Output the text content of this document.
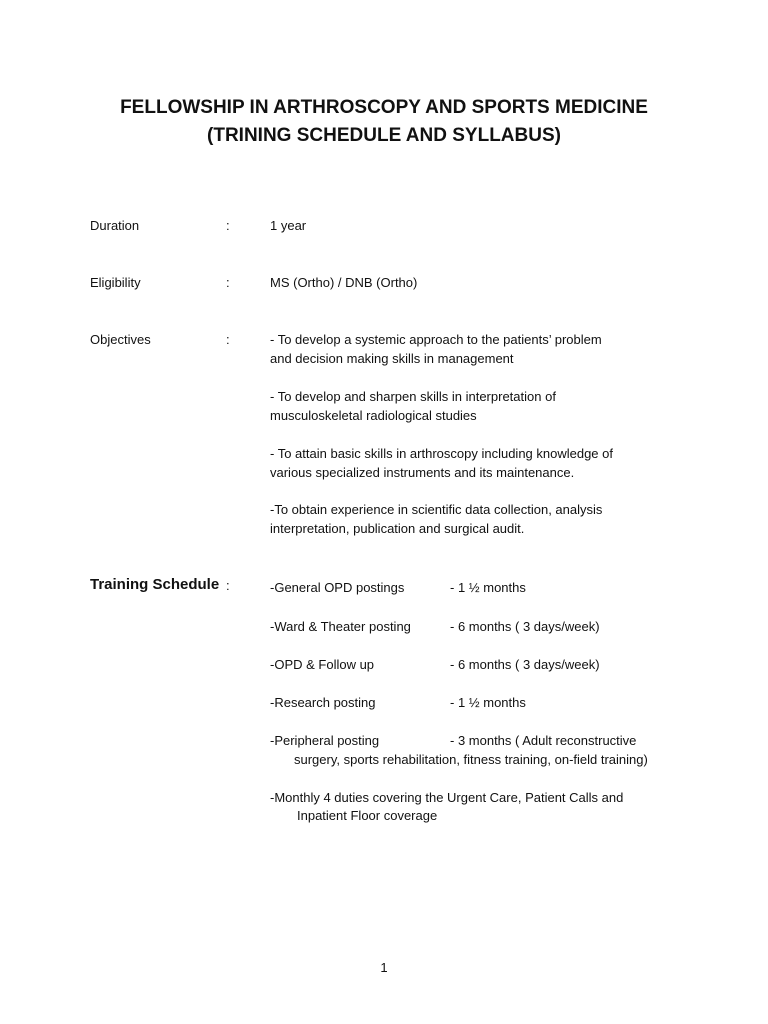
FELLOWSHIP IN ARTHROSCOPY AND SPORTS MEDICINE
(TRINING SCHEDULE AND SYLLABUS)
Duration	:	1 year
Eligibility	:	MS (Ortho) / DNB (Ortho)
Objectives	:	- To develop a systemic approach to the patients’ problem

and decision making skills in management

- To develop and sharpen skills in interpretation of

musculoskeletal radiological studies

- To attain basic skills in arthroscopy including knowledge of

various specialized instruments and its maintenance.

-To obtain experience in scientific data collection, analysis

interpretation, publication and surgical audit.

Training Schedule :	-General OPD postings	- 1 ½ months
-Ward & Theater posting	- 6 months ( 3 days/week)
-OPD & Follow up	- 6 months ( 3 days/week)
-Research posting	- 1 ½ months
-Peripheral posting	- 3 months ( Adult reconstructive
surgery, sports rehabilitation, fitness training, on-field training)
-Monthly 4 duties covering the Urgent Care, Patient Calls and
Inpatient Floor coverage
1
